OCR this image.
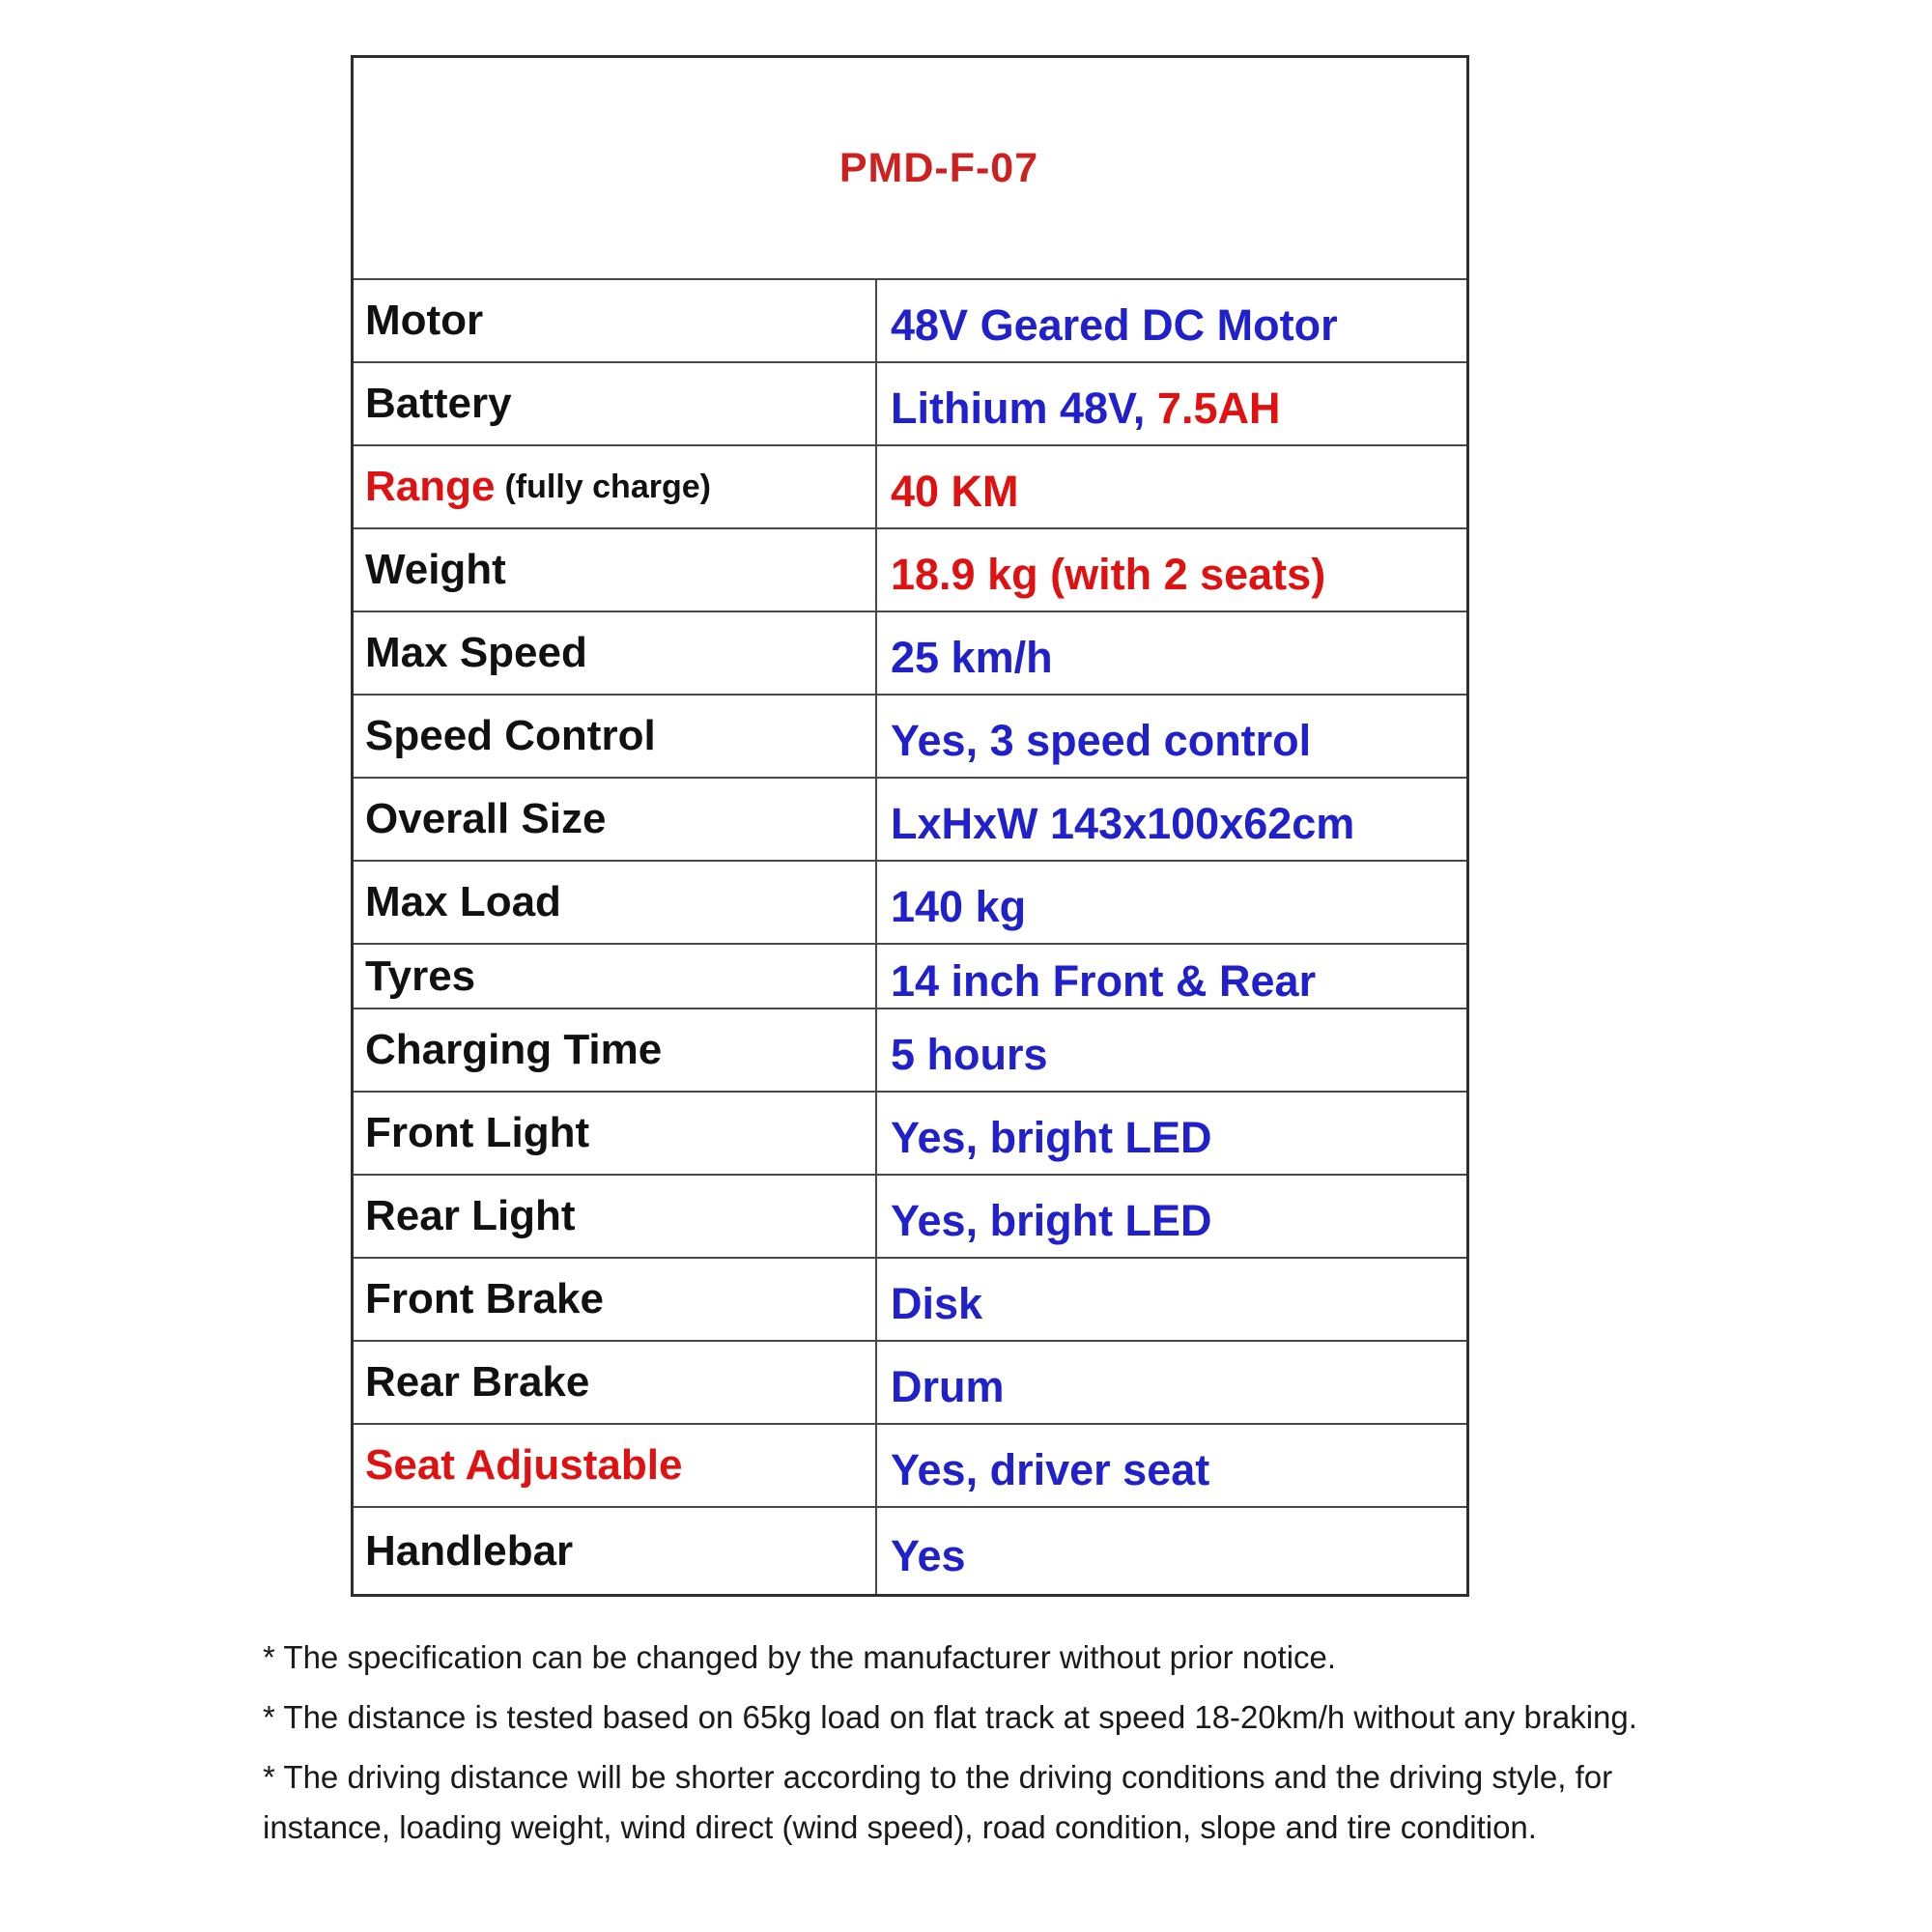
PMD-F-07
Motor	48V Geared DC Motor
Battery	Lithium 48V, 7.5AH
Range (fully charge)	40 KM
Weight	18.9 kg (with 2 seats)
Max Speed	25 km/h
Speed Control	Yes, 3 speed control
Overall Size	LxHxW 143x100x62cm
Max Load	140 kg
Tyres	14 inch Front & Rear
Charging Time	5 hours
Front Light	Yes, bright LED
Rear Light	Yes, bright LED
Front Brake	Disk
Rear Brake	Drum
Seat Adjustable	Yes, driver seat
Handlebar	Yes

* The specification can be changed by the manufacturer without prior notice.

* The distance is tested based on 65kg load on flat track at speed 18-20km/h without any braking.

* The driving distance will be shorter according to the driving conditions and the driving style, for instance, loading weight, wind direct (wind speed), road condition, slope and tire condition.
